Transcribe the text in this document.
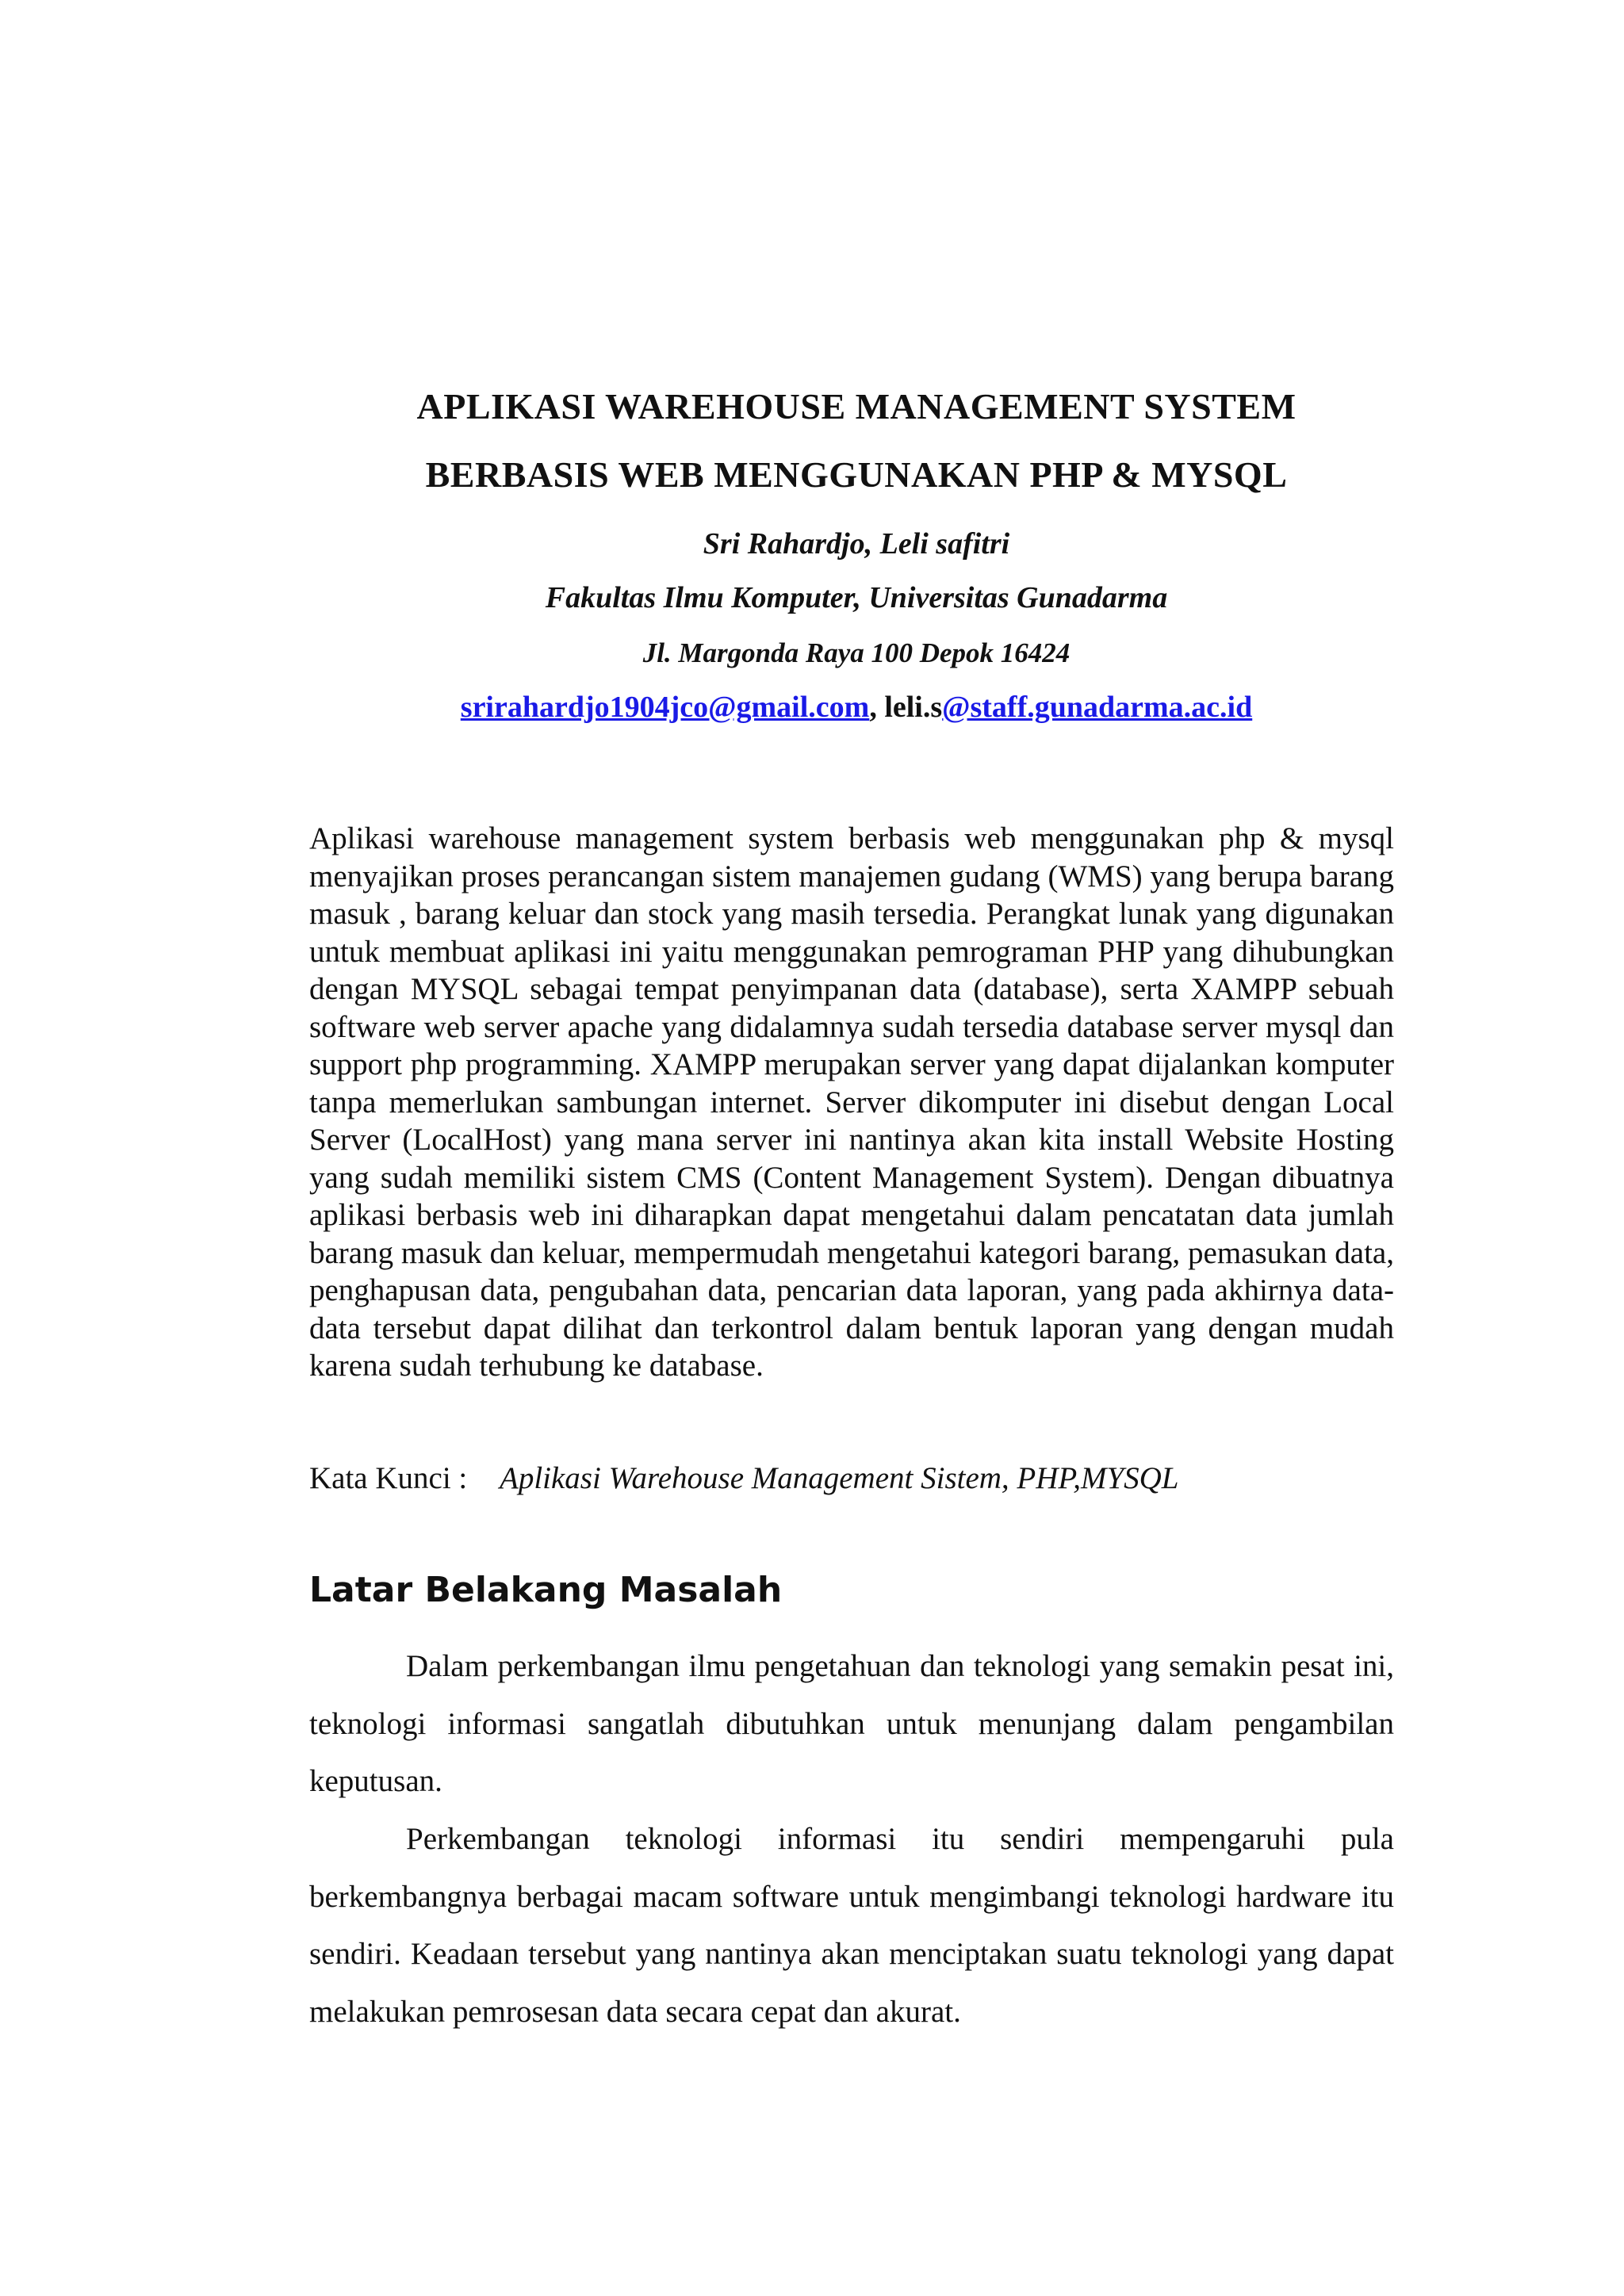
APLIKASI WAREHOUSE MANAGEMENT SYSTEM
BERBASIS WEB MENGGUNAKAN PHP & MYSQL
Sri Rahardjo, Leli safitri
Fakultas Ilmu Komputer, Universitas Gunadarma
Jl. Margonda Raya 100 Depok 16424
srirahardjo1904jco@gmail.com, leli.s@staff.gunadarma.ac.id

Aplikasi warehouse management system berbasis web menggunakan php & mysql menyajikan proses perancangan sistem manajemen gudang (WMS) yang berupa barang masuk , barang keluar dan stock yang masih tersedia. Perangkat lunak yang digunakan untuk membuat aplikasi ini yaitu menggunakan pemrograman PHP yang dihubungkan dengan MYSQL sebagai tempat penyimpanan data (database), serta XAMPP sebuah software web server apache yang didalamnya sudah tersedia database server mysql dan support php programming. XAMPP merupakan server yang dapat dijalankan komputer tanpa memerlukan sambungan internet. Server dikomputer ini disebut dengan Local Server (LocalHost) yang mana server ini nantinya akan kita install Website Hosting yang sudah memiliki sistem CMS (Content Management System). Dengan dibuatnya aplikasi berbasis web ini diharapkan dapat mengetahui dalam pencatatan data jumlah barang masuk dan keluar, mempermudah mengetahui kategori barang, pemasukan data, penghapusan data, pengubahan data, pencarian data laporan, yang pada akhirnya data-data tersebut dapat dilihat dan terkontrol dalam bentuk laporan yang dengan mudah karena sudah terhubung ke database.

Kata Kunci : Aplikasi Warehouse Management Sistem, PHP,MYSQL
Latar Belakang Masalah

Dalam perkembangan ilmu pengetahuan dan teknologi yang semakin pesat ini, teknologi informasi sangatlah dibutuhkan untuk menunjang dalam pengambilan keputusan.

Perkembangan teknologi informasi itu sendiri mempengaruhi pula berkembangnya berbagai macam software untuk mengimbangi teknologi hardware itu sendiri. Keadaan tersebut yang nantinya akan menciptakan suatu teknologi yang dapat melakukan pemrosesan data secara cepat dan akurat.
